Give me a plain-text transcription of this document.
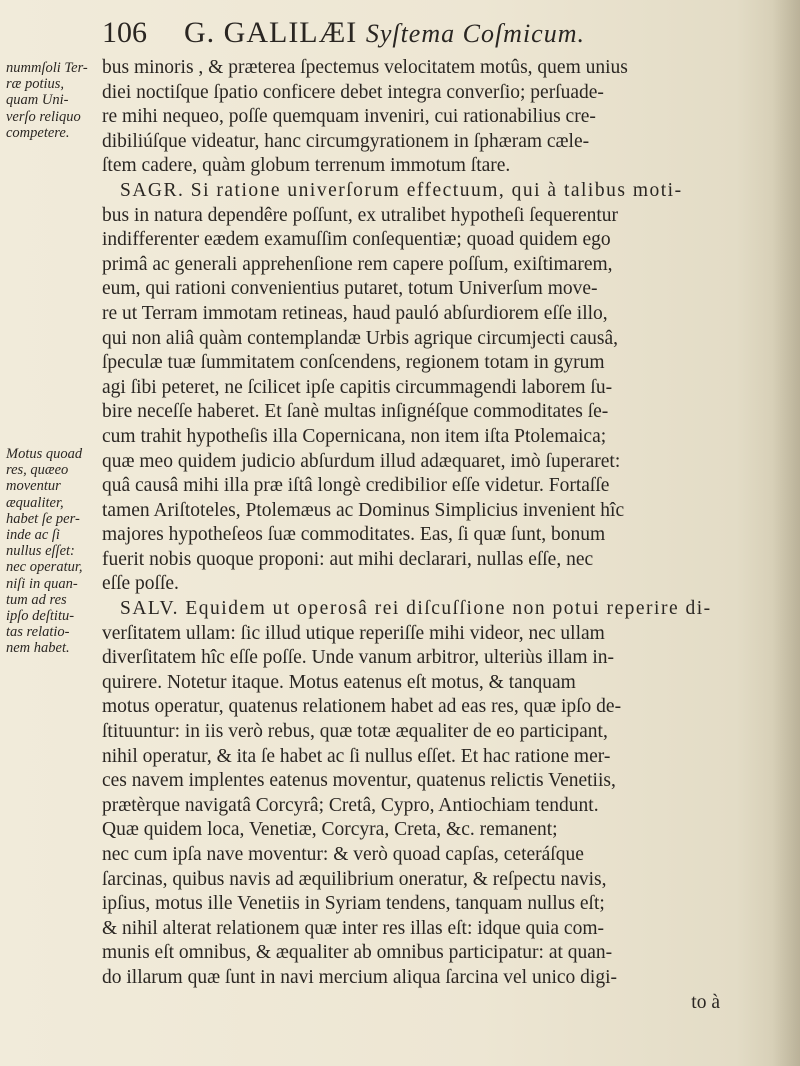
106 G. GALILÆI Syſtema Coſmicum.
nummſoli Ter-
ræ potius,
quam Uni-
verſo reliquo
competere.
Motus quoad
res, quæeo
moventur
æqualiter,
habet ſe per-
inde ac ſi
nullus eſſet:
nec operatur,
niſi in quan-
tum ad res
ipſo deſtitu-
tas relatio-
nem habet.
bus minoris , & præterea ſpectemus velocitatem motûs, quem unius
diei noctiſque ſpatio conficere debet integra converſio; perſuade-
re mihi nequeo, poſſe quemquam inveniri, cui rationabilius cre-
dibiliúſque videatur, hanc circumgyrationem in ſphæram cæle-
ſtem cadere, quàm globum terrenum immotum ſtare.
SAGR. Si ratione univerſorum effectuum, qui à talibus moti-
bus in natura dependêre poſſunt, ex utralibet hypotheſi ſequerentur
indifferenter eædem examuſſim conſequentiæ; quoad quidem ego
primâ ac generali apprehenſione rem capere poſſum, exiſtimarem,
eum, qui rationi convenientius putaret, totum Univerſum move-
re ut Terram immotam retineas, haud pauló abſurdiorem eſſe illo,
qui non aliâ quàm contemplandæ Urbis agrique circumjecti causâ,
ſpeculæ tuæ ſummitatem conſcendens, regionem totam in gyrum
agi ſibi peteret, ne ſcilicet ipſe capitis circummagendi laborem ſu-
bire neceſſe haberet. Et ſanè multas inſignéſque commoditates ſe-
cum trahit hypotheſis illa Copernicana, non item iſta Ptolemaica;
quæ meo quidem judicio abſurdum illud adæquaret, imò ſuperaret:
quâ causâ mihi illa præ iſtâ longè credibilior eſſe videtur. Fortaſſe
tamen Ariſtoteles, Ptolemæus ac Dominus Simplicius invenient hîc
majores hypotheſeos ſuæ commoditates. Eas, ſi quæ ſunt, bonum
fuerit nobis quoque proponi: aut mihi declarari, nullas eſſe, nec
eſſe poſſe.
SALV. Equidem ut operosâ rei diſcuſſione non potui reperire di-
verſitatem ullam: ſic illud utique reperiſſe mihi videor, nec ullam
diverſitatem hîc eſſe poſſe. Unde vanum arbitror, ulteriùs illam in-
quirere. Notetur itaque. Motus eatenus eſt motus, & tanquam
motus operatur, quatenus relationem habet ad eas res, quæ ipſo de-
ſtituuntur: in iis verò rebus, quæ totæ æqualiter de eo participant,
nihil operatur, & ita ſe habet ac ſi nullus eſſet. Et hac ratione mer-
ces navem implentes eatenus moventur, quatenus relictis Venetiis,
prætèrque navigatâ Corcyrâ; Cretâ, Cypro, Antiochiam tendunt.
Quæ quidem loca, Venetiæ, Corcyra, Creta, &c. remanent;
nec cum ipſa nave moventur: & verò quoad capſas, ceteráſque
ſarcinas, quibus navis ad æquilibrium oneratur, & reſpectu navis,
ipſius, motus ille Venetiis in Syriam tendens, tanquam nullus eſt;
& nihil alterat relationem quæ inter res illas eſt: idque quia com-
munis eſt omnibus, & æqualiter ab omnibus participatur: at quan-
do illarum quæ ſunt in navi mercium aliqua ſarcina vel unico digi-
to à
